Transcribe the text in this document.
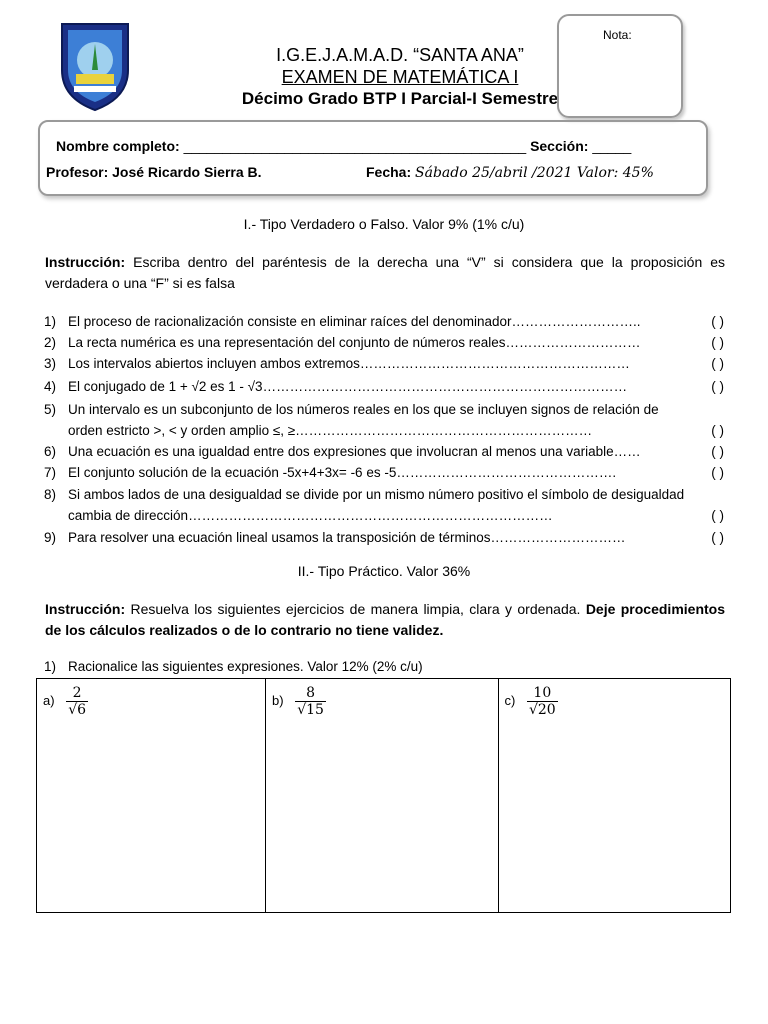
I.G.E.J.A.M.A.D. “SANTA ANA”
EXAMEN DE MATEMÁTICA I
Décimo Grado BTP I Parcial-I Semestre
Nota:
Nombre completo: ____________________________________________ Sección: _____
Profesor: José Ricardo Sierra B.	Fecha: Sábado 25/abril /2021 Valor: 45%
I.- Tipo Verdadero o Falso. Valor 9% (1% c/u)
Instrucción: Escriba dentro del paréntesis de la derecha una “V” si considera que la proposición es verdadera o una “F” si es falsa
1) El proceso de racionalización consiste en eliminar raíces del denominador………………………..	( )
2) La recta numérica es una representación del conjunto de números reales…………………………	( )
3) Los intervalos abiertos incluyen ambos extremos……………………………………………………	( )
4) El conjugado de 1 + √2 es 1 - √3………………………………………………………………………	( )
5) Un intervalo es un subconjunto de los números reales en los que se incluyen signos de relación de orden estricto >, < y orden amplio ≤, ≥…………………………………………………………	( )
6) Una ecuación es una igualdad entre dos expresiones que involucran al menos una variable……	( )
7) El conjunto solución de la ecuación -5x+4+3x= -6 es -5………………………………………….	( )
8) Si ambos lados de una desigualdad se divide por un mismo número positivo el símbolo de desigualdad cambia de dirección………………………………………………………………………	( )
9) Para resolver una ecuación lineal usamos la transposición de términos…………………………	( )
II.- Tipo Práctico. Valor 36%
Instrucción: Resuelva los siguientes ejercicios de manera limpia, clara y ordenada. Deje procedimientos de los cálculos realizados o de lo contrario no tiene validez.
1) Racionalice las siguientes expresiones. Valor 12% (2% c/u)
$a) \frac{2}{√6}$	$b) \frac{8}{√15}$	$c) \frac{10}{√20}$
